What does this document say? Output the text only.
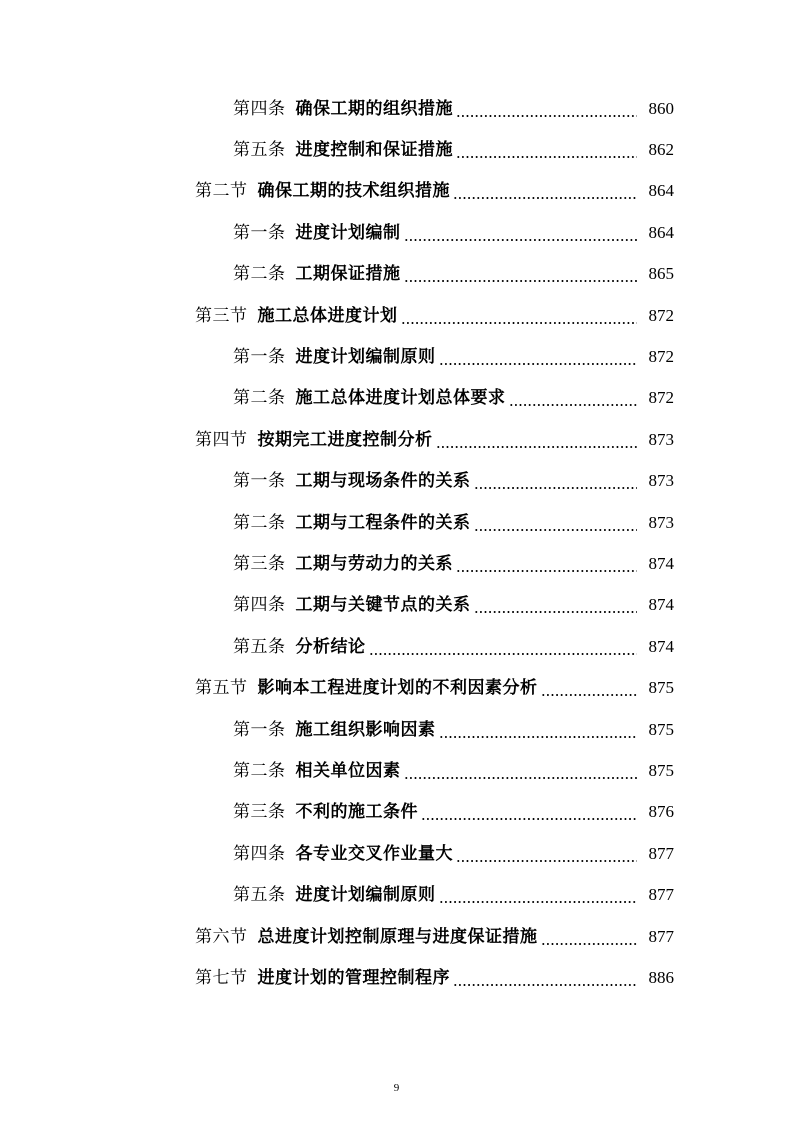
第四条 确保工期的组织措施	860
第五条 进度控制和保证措施	862
第二节 确保工期的技术组织措施	864
第一条 进度计划编制	864
第二条 工期保证措施	865
第三节 施工总体进度计划	872
第一条 进度计划编制原则	872
第二条 施工总体进度计划总体要求	872
第四节 按期完工进度控制分析	873
第一条 工期与现场条件的关系	873
第二条 工期与工程条件的关系	873
第三条 工期与劳动力的关系	874
第四条 工期与关键节点的关系	874
第五条 分析结论	874
第五节 影响本工程进度计划的不利因素分析	875
第一条 施工组织影响因素	875
第二条 相关单位因素	875
第三条 不利的施工条件	876
第四条 各专业交叉作业量大	877
第五条 进度计划编制原则	877
第六节 总进度计划控制原理与进度保证措施	877
第七节 进度计划的管理控制程序	886
9
